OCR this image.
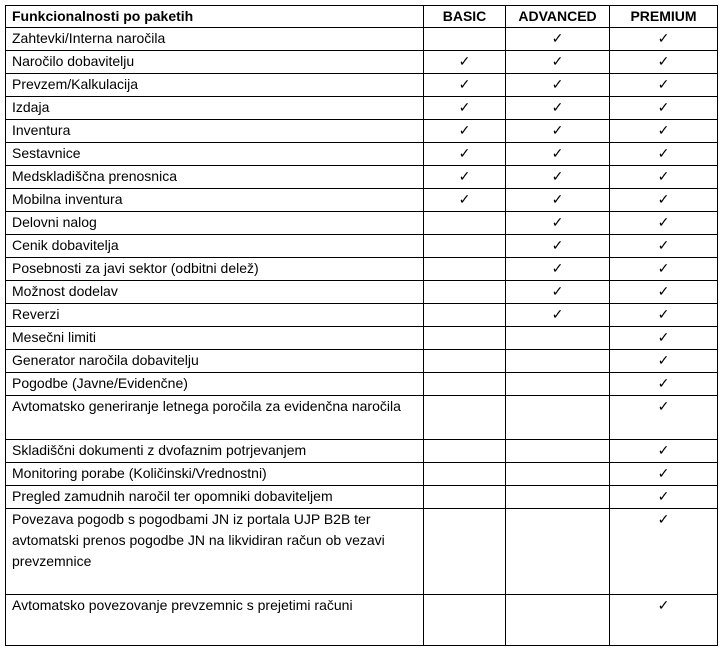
Funkcionalnosti po paketih	BASIC	ADVANCED	PREMIUM
Zahtevki/Interna naročila		✓	✓
Naročilo dobavitelju	✓	✓	✓
Prevzem/Kalkulacija	✓	✓	✓
Izdaja	✓	✓	✓
Inventura	✓	✓	✓
Sestavnice	✓	✓	✓
Medskladiščna prenosnica	✓	✓	✓
Mobilna inventura	✓	✓	✓
Delovni nalog		✓	✓
Cenik dobavitelja		✓	✓
Posebnosti za javi sektor (odbitni delež)		✓	✓
Možnost dodelav		✓	✓
Reverzi		✓	✓
Mesečni limiti			✓
Generator naročila dobavitelju			✓
Pogodbe (Javne/Evidenčne)			✓
Avtomatsko generiranje letnega poročila za evidenčna naročila			✓
Skladiščni dokumenti z dvofaznim potrjevanjem			✓
Monitoring porabe (Količinski/Vrednostni)			✓
Pregled zamudnih naročil ter opomniki dobaviteljem			✓
Povezava pogodb s pogodbami JN iz portala UJP B2B ter avtomatski prenos pogodbe JN na likvidiran račun ob vezavi prevzemnice			✓
Avtomatsko povezovanje prevzemnic s prejetimi računi			✓
